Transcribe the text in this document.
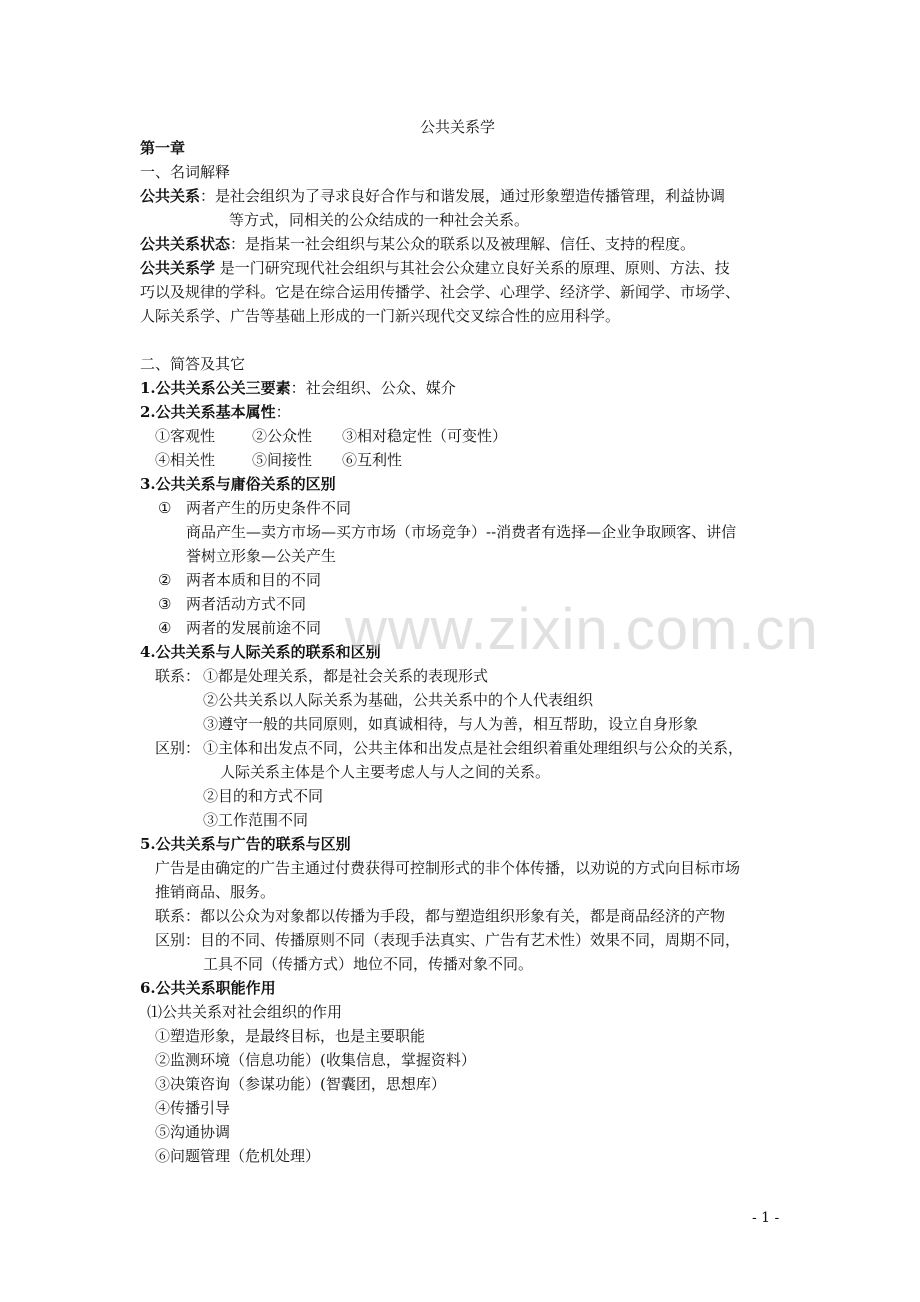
公共关系学
第一章
一、名词解释
公共关系：是社会组织为了寻求良好合作与和谐发展，通过形象塑造传播管理，利益协调
等方式，同相关的公众结成的一种社会关系。
公共关系状态：是指某一社会组织与某公众的联系以及被理解、信任、支持的程度。
公共关系学 是一门研究现代社会组织与其社会公众建立良好关系的原理、原则、方法、技
巧以及规律的学科。它是在综合运用传播学、社会学、心理学、经济学、新闻学、市场学、
人际关系学、广告等基础上形成的一门新兴现代交叉综合性的应用科学。
二、简答及其它
1.公共关系公关三要素：社会组织、公众、媒介
2.公共关系基本属性：
①客观性 ②公众性 ③相对稳定性（可变性）
④相关性 ⑤间接性 ⑥互利性
3.公共关系与庸俗关系的区别
① 两者产生的历史条件不同
商品产生—卖方市场—买方市场（市场竞争）--消费者有选择—企业争取顾客、讲信
誉树立形象—公关产生
② 两者本质和目的不同
③ 两者活动方式不同
④ 两者的发展前途不同
4.公共关系与人际关系的联系和区别
联系： ①都是处理关系，都是社会关系的表现形式
②公共关系以人际关系为基础，公共关系中的个人代表组织
③遵守一般的共同原则，如真诚相待，与人为善，相互帮助，设立自身形象
区别： ①主体和出发点不同，公共主体和出发点是社会组织着重处理组织与公众的关系，
人际关系主体是个人主要考虑人与人之间的关系。
②目的和方式不同
③工作范围不同
5.公共关系与广告的联系与区别
广告是由确定的广告主通过付费获得可控制形式的非个体传播，以劝说的方式向目标市场
推销商品、服务。
联系：都以公众为对象都以传播为手段，都与塑造组织形象有关，都是商品经济的产物
区别：目的不同、传播原则不同（表现手法真实、广告有艺术性）效果不同，周期不同，
工具不同（传播方式）地位不同，传播对象不同。
6.公共关系职能作用
⑴公共关系对社会组织的作用
①塑造形象，是最终目标，也是主要职能
②监测环境（信息功能）(收集信息，掌握资料）
③决策咨询（参谋功能）(智囊团，思想库）
④传播引导
⑤沟通协调
⑥问题管理（危机处理）
www.zixin.com.cn
- 1 -
